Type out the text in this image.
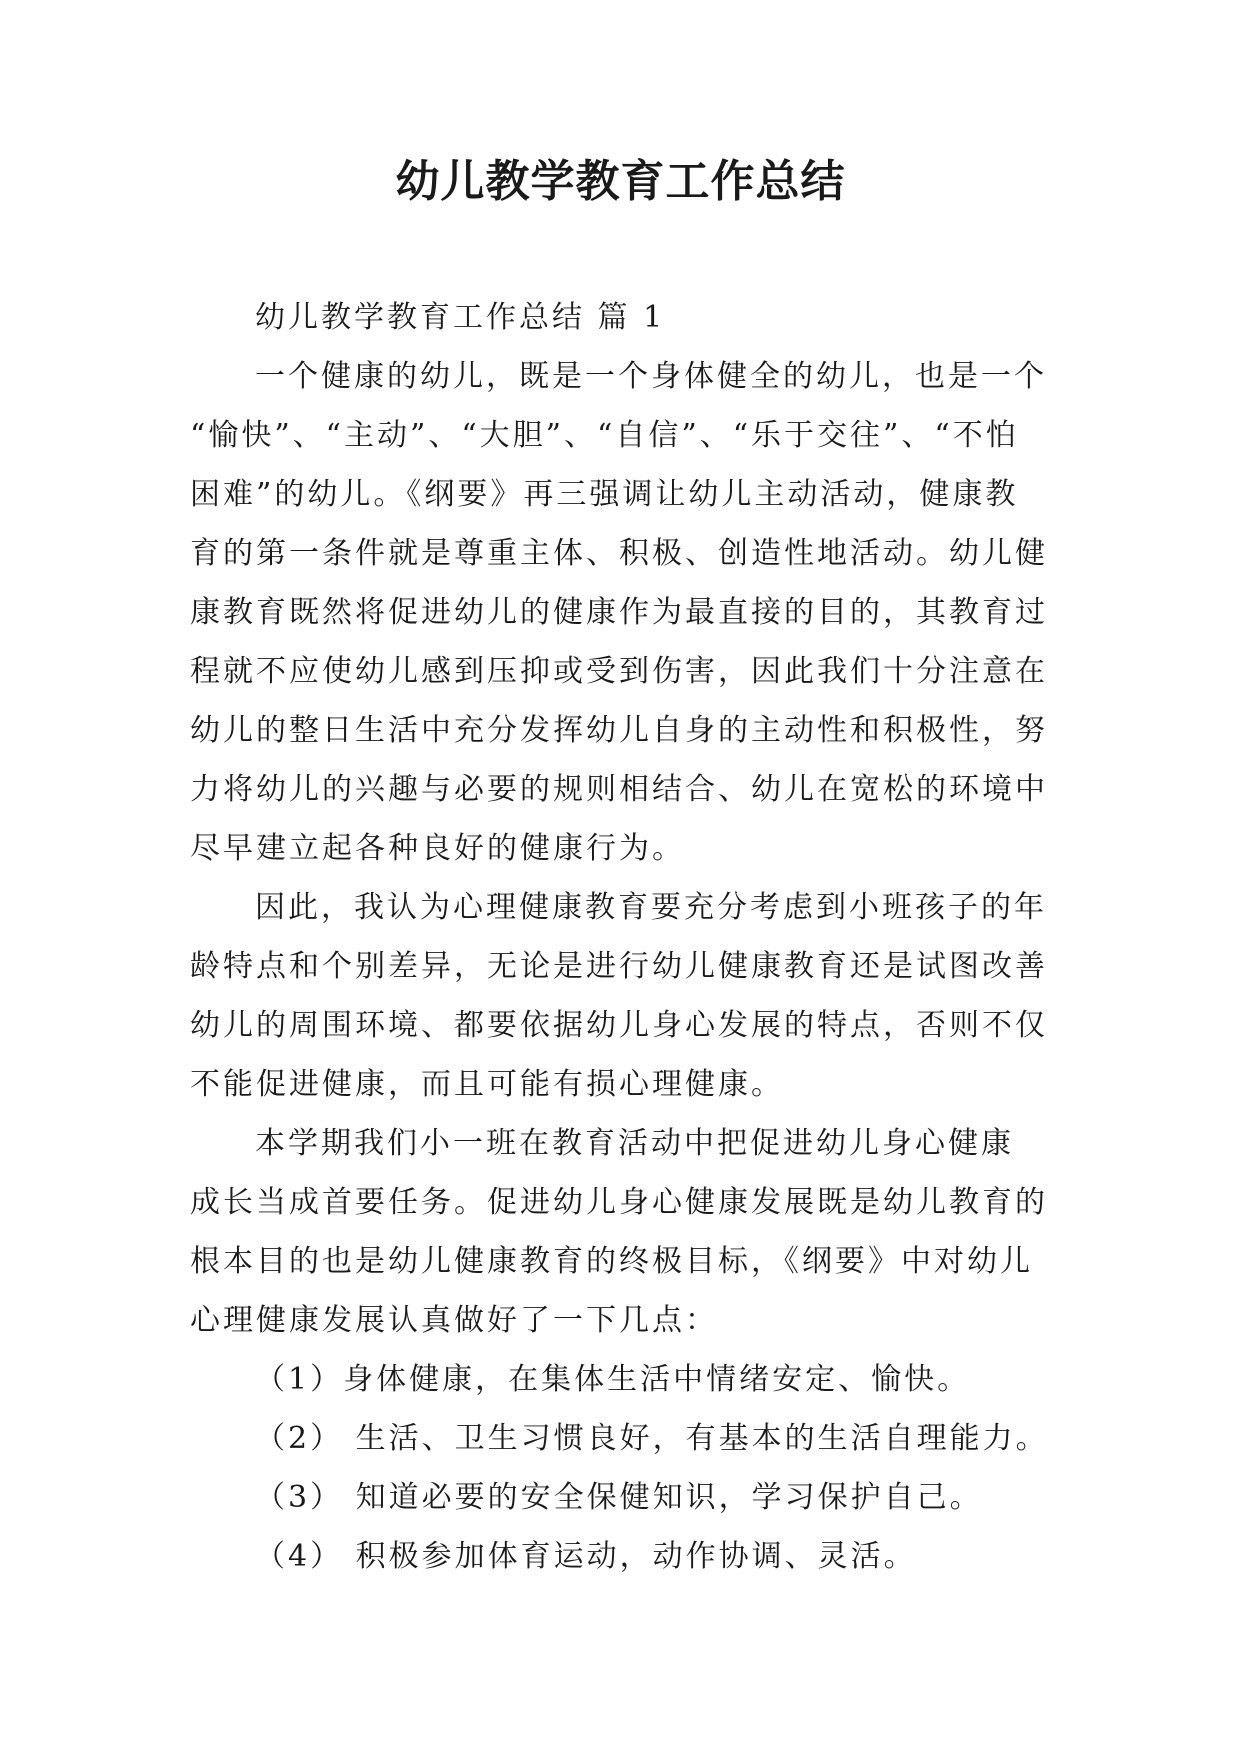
幼儿教学教育工作总结

幼儿教学教育工作总结 篇 1

一个健康的幼儿，既是一个身体健全的幼儿，也是一个

“愉快”、“主动”、“大胆”、“自信”、“乐于交往”、“不怕

困难”的幼儿。《纲要》再三强调让幼儿主动活动，健康教

育的第一条件就是尊重主体、积极、创造性地活动。幼儿健

康教育既然将促进幼儿的健康作为最直接的目的，其教育过

程就不应使幼儿感到压抑或受到伤害，因此我们十分注意在

幼儿的整日生活中充分发挥幼儿自身的主动性和积极性，努

力将幼儿的兴趣与必要的规则相结合、幼儿在宽松的环境中

尽早建立起各种良好的健康行为。

因此，我认为心理健康教育要充分考虑到小班孩子的年

龄特点和个别差异，无论是进行幼儿健康教育还是试图改善

幼儿的周围环境、都要依据幼儿身心发展的特点，否则不仅

不能促进健康，而且可能有损心理健康。

本学期我们小一班在教育活动中把促进幼儿身心健康

成长当成首要任务。促进幼儿身心健康发展既是幼儿教育的

根本目的也是幼儿健康教育的终极目标，《纲要》中对幼儿

心理健康发展认真做好了一下几点：

（1）身体健康，在集体生活中情绪安定、愉快。

（2） 生活、卫生习惯良好，有基本的生活自理能力。

（3） 知道必要的安全保健知识，学习保护自己。

（4） 积极参加体育运动，动作协调、灵活。
